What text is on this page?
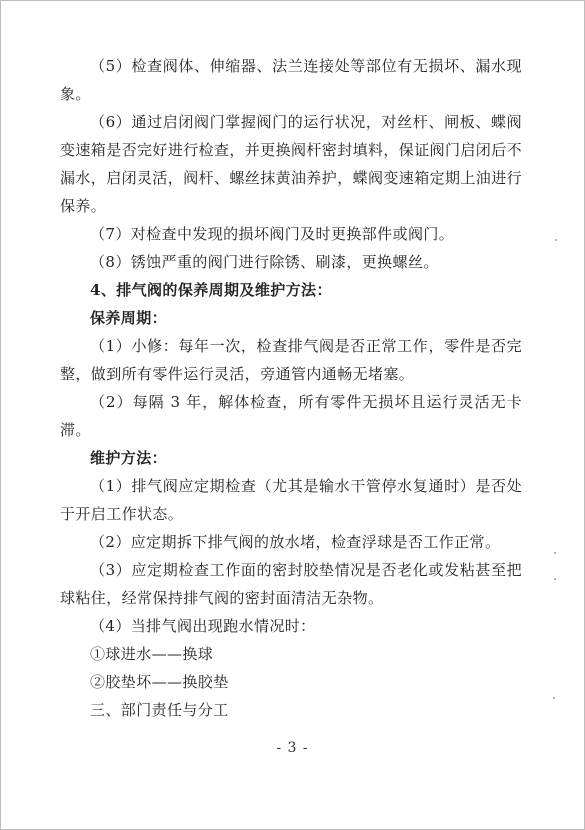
（5）检查阀体、伸缩器、法兰连接处等部位有无损坏、漏水现象。

（6）通过启闭阀门掌握阀门的运行状况，对丝杆、闸板、蝶阀变速箱是否完好进行检查，并更换阀杆密封填料，保证阀门启闭后不漏水，启闭灵活，阀杆、螺丝抹黄油养护，蝶阀变速箱定期上油进行保养。

（7）对检查中发现的损坏阀门及时更换部件或阀门。

（8）锈蚀严重的阀门进行除锈、刷漆，更换螺丝。

4、排气阀的保养周期及维护方法：

保养周期：

（1）小修：每年一次，检查排气阀是否正常工作，零件是否完整，做到所有零件运行灵活，旁通管内通畅无堵塞。

（2）每隔 3 年，解体检查，所有零件无损坏且运行灵活无卡滞。

维护方法：

（1）排气阀应定期检查（尤其是输水干管停水复通时）是否处于开启工作状态。

（2）应定期拆下排气阀的放水堵，检查浮球是否工作正常。

（3）应定期检查工作面的密封胶垫情况是否老化或发粘甚至把球粘住，经常保持排气阀的密封面清洁无杂物。

（4）当排气阀出现跑水情况时：

①球进水——换球

②胶垫坏——换胶垫

三、部门责任与分工

- 3 -
